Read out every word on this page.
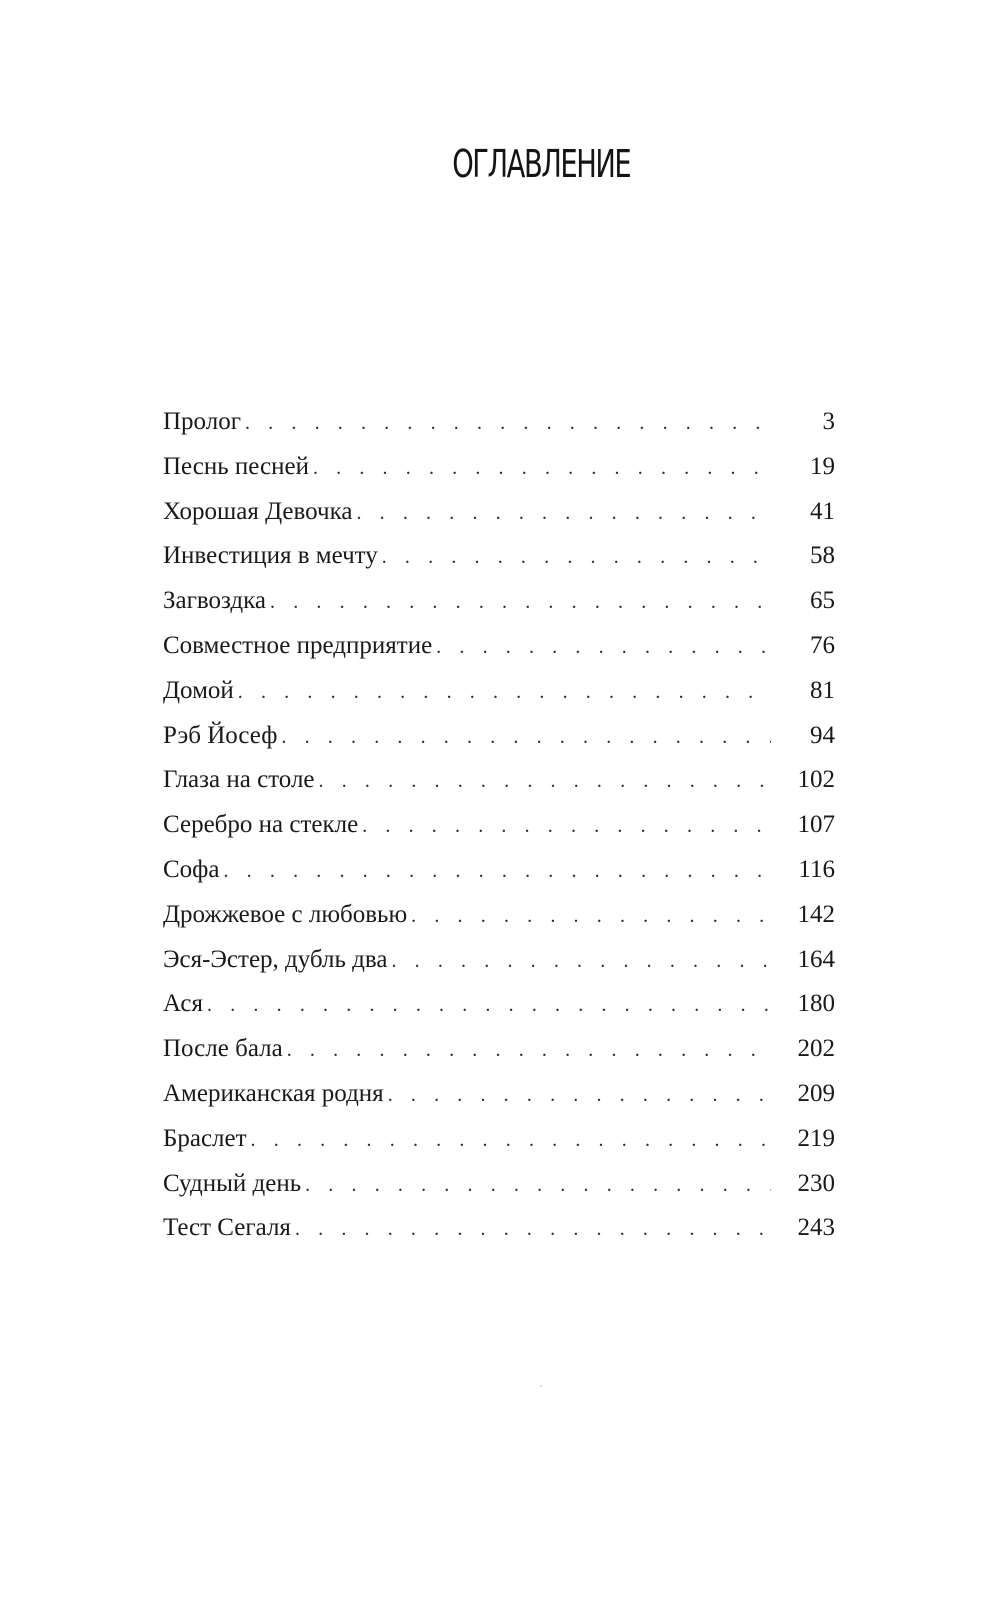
ОГЛАВЛЕНИЕ
Пролог . . .	3
Песнь песней . . .	19
Хорошая Девочка . . .	41
Инвестиция в мечту . . .	58
Загвоздка . . .	65
Совместное предприятие . . .	76
Домой . . .	81
Рэб Йосеф . . .	94
Глаза на столе . . .	102
Серебро на стекле . . .	107
Софа . . .	116
Дрожжевое с любовью . . .	142
Эся-Эстер, дубль два . . .	164
Ася . . .	180
После бала . . .	202
Американская родня . . .	209
Браслет . . .	219
Судный день . . .	230
Тест Сегаля . . .	243
